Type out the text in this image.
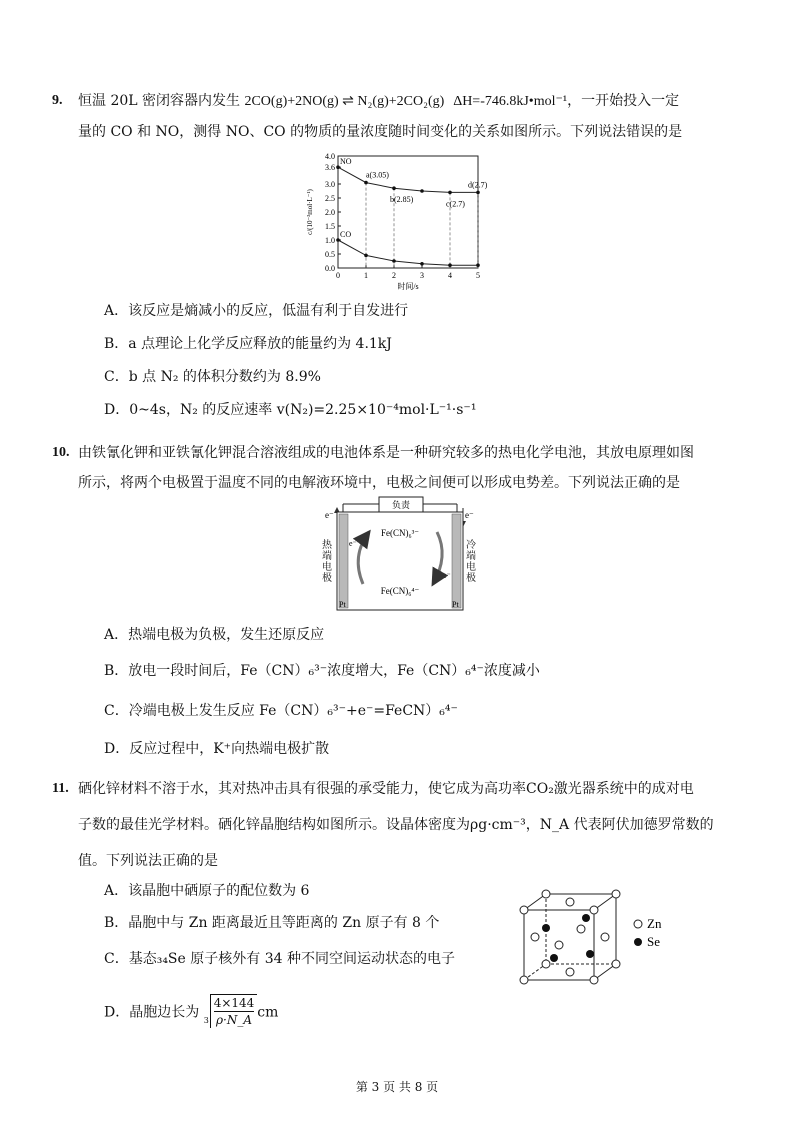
9. 恒温 20L 密闭容器内发生 2CO(g)+2NO(g) ⇌ N₂(g)+2CO₂(g) ΔH=-746.8kJ•mol⁻¹，一开始投入一定
量的 CO 和 NO，测得 NO、CO 的物质的量浓度随时间变化的关系如图所示。下列说法错误的是
0.0
0.5
1.0
1.5
2.0
2.5
3.0
3.6
4.0
0	1	2	3	4	5
时间/s
c/(10⁻³mol·L⁻¹)
NO
CO
a(3.05)
b(2.85)	c(2.7)
d(2.7)
A．该反应是熵减小的反应，低温有利于自发进行
B．a 点理论上化学反应释放的能量约为 4.1kJ
C．b 点 N₂ 的体积分数约为 8.9%
D．0~4s，N₂ 的反应速率 v(N₂)=2.25×10⁻⁴mol·L⁻¹·s⁻¹
10. 由铁氰化钾和亚铁氰化钾混合溶液组成的电池体系是一种研究较多的热电化学电池，其放电原理如图
所示，将两个电极置于温度不同的电解液环境中，电极之间便可以形成电势差。下列说法正确的是
负责
e⁻	e⁻
Pt	Pt
e⁻
e⁻
Fe(CN)₆³⁻
Fe(CN)₆⁴⁻
热端电极
冷端电极
A．热端电极为负极，发生还原反应
B．放电一段时间后，Fe（CN）₆³⁻浓度增大，Fe（CN）₆⁴⁻浓度减小
C．冷端电极上发生反应 Fe（CN）₆³⁻+e⁻=FeCN）₆⁴⁻
D．反应过程中，K⁺向热端电极扩散
11. 硒化锌材料不溶于水，其对热冲击具有很强的承受能力，使它成为高功率CO₂激光器系统中的成对电
子数的最佳光学材料。硒化锌晶胞结构如图所示。设晶体密度为ρg·cm⁻³，N_A 代表阿伏加德罗常数的
值。下列说法正确的是
A．该晶胞中硒原子的配位数为 6
B．晶胞中与 Zn 距离最近且等距离的 Zn 原子有 8 个
C．基态₃₄Se 原子核外有 34 种不同空间运动状态的电子
D．晶胞边长为 $3 \frac{4\times 144}{\rho\cdot N\_A}$ cm
Zn
Se
第 3 页 共 8 页
